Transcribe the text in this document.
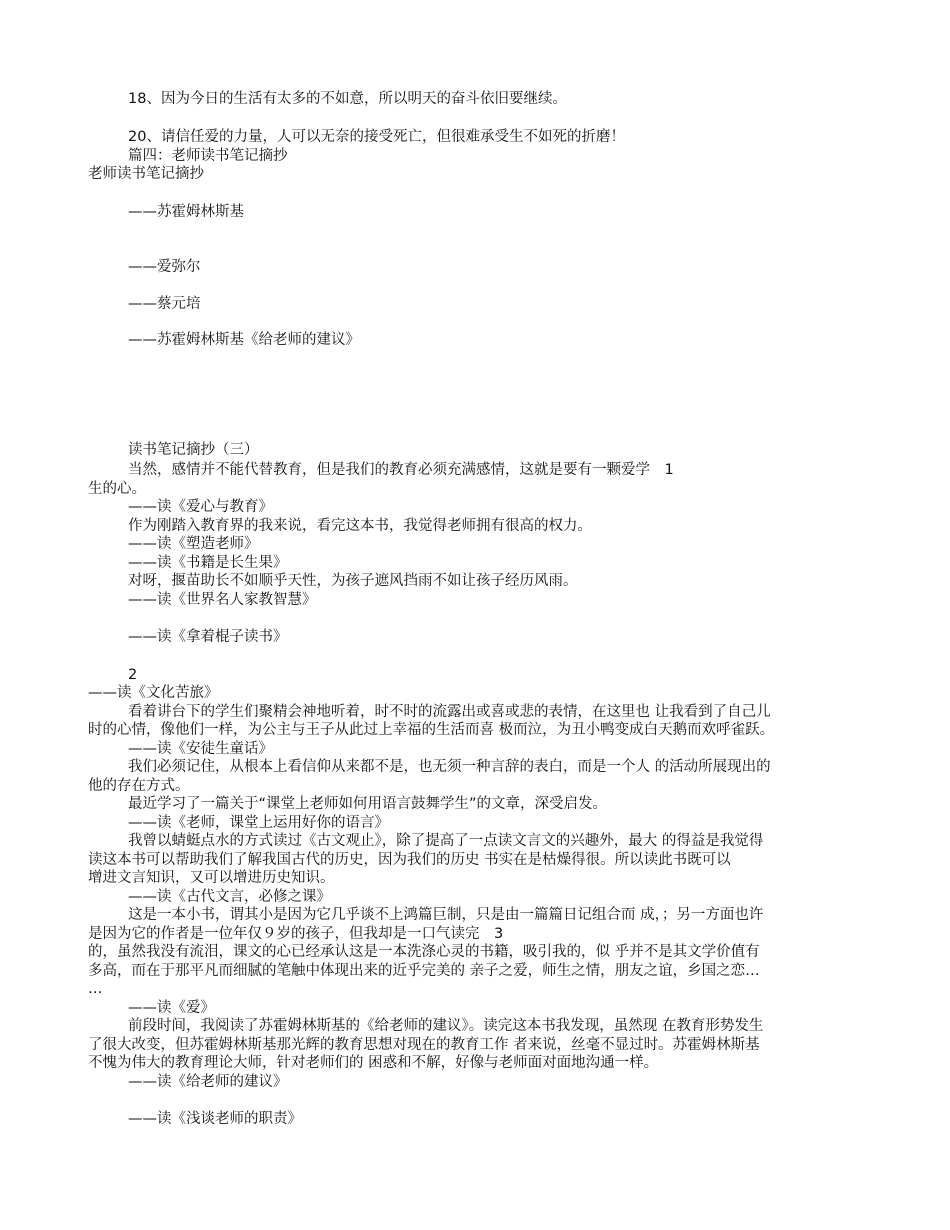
18、因为今日的生活有太多的不如意，所以明天的奋斗依旧要继续。

20、请信任爱的力量，人可以无奈的接受死亡，但很难承受生不如死的折磨！

篇四：老师读书笔记摘抄

老师读书笔记摘抄

——苏霍姆林斯基

——爱弥尔

——蔡元培

——苏霍姆林斯基《给老师的建议》

读书笔记摘抄（三）

当然，感情并不能代替教育，但是我们的教育必须充满感情，这就是要有一颗爱学　1

生的心。

——读《爱心与教育》

作为刚踏入教育界的我来说，看完这本书，我觉得老师拥有很高的权力。

——读《塑造老师》

——读《书籍是长生果》

对呀，揠苗助长不如顺乎天性，为孩子遮风挡雨不如让孩子经历风雨。

——读《世界名人家教智慧》

——读《拿着棍子读书》

2

——读《文化苦旅》

看着讲台下的学生们聚精会神地听着，时不时的流露出或喜或悲的表情，在这里也 让我看到了自己儿

时的心情，像他们一样，为公主与王子从此过上幸福的生活而喜 极而泣，为丑小鸭变成白天鹅而欢呼雀跃。

——读《安徒生童话》

我们必须记住，从根本上看信仰从来都不是，也无须一种言辞的表白，而是一个人 的活动所展现出的

他的存在方式。

最近学习了一篇关于“课堂上老师如何用语言鼓舞学生”的文章，深受启发。

——读《老师，课堂上运用好你的语言》

我曾以蜻蜓点水的方式读过《古文观止》，除了提高了一点读文言文的兴趣外，最大 的得益是我觉得

读这本书可以帮助我们了解我国古代的历史，因为我们的历史 书实在是枯燥得很。所以读此书既可以

增进文言知识，又可以增进历史知识。

——读《古代文言，必修之课》

这是一本小书，谓其小是因为它几乎谈不上鸿篇巨制，只是由一篇篇日记组合而 成，；另一方面也许

是因为它的作者是一位年仅９岁的孩子，但我却是一口气读完　3

的，虽然我没有流泪，课文的心已经承认这是一本洗涤心灵的书籍，吸引我的，似 乎并不是其文学价值有

多高，而在于那平凡而细腻的笔触中体现出来的近乎完美的 亲子之爱，师生之情，朋友之谊，乡国之恋…

…

——读《爱》

前段时间，我阅读了苏霍姆林斯基的《给老师的建议》。读完这本书我发现，虽然现 在教育形势发生

了很大改变，但苏霍姆林斯基那光辉的教育思想对现在的教育工作 者来说，丝毫不显过时。苏霍姆林斯基

不愧为伟大的教育理论大师，针对老师们的 困惑和不解，好像与老师面对面地沟通一样。

——读《给老师的建议》

——读《浅谈老师的职责》
